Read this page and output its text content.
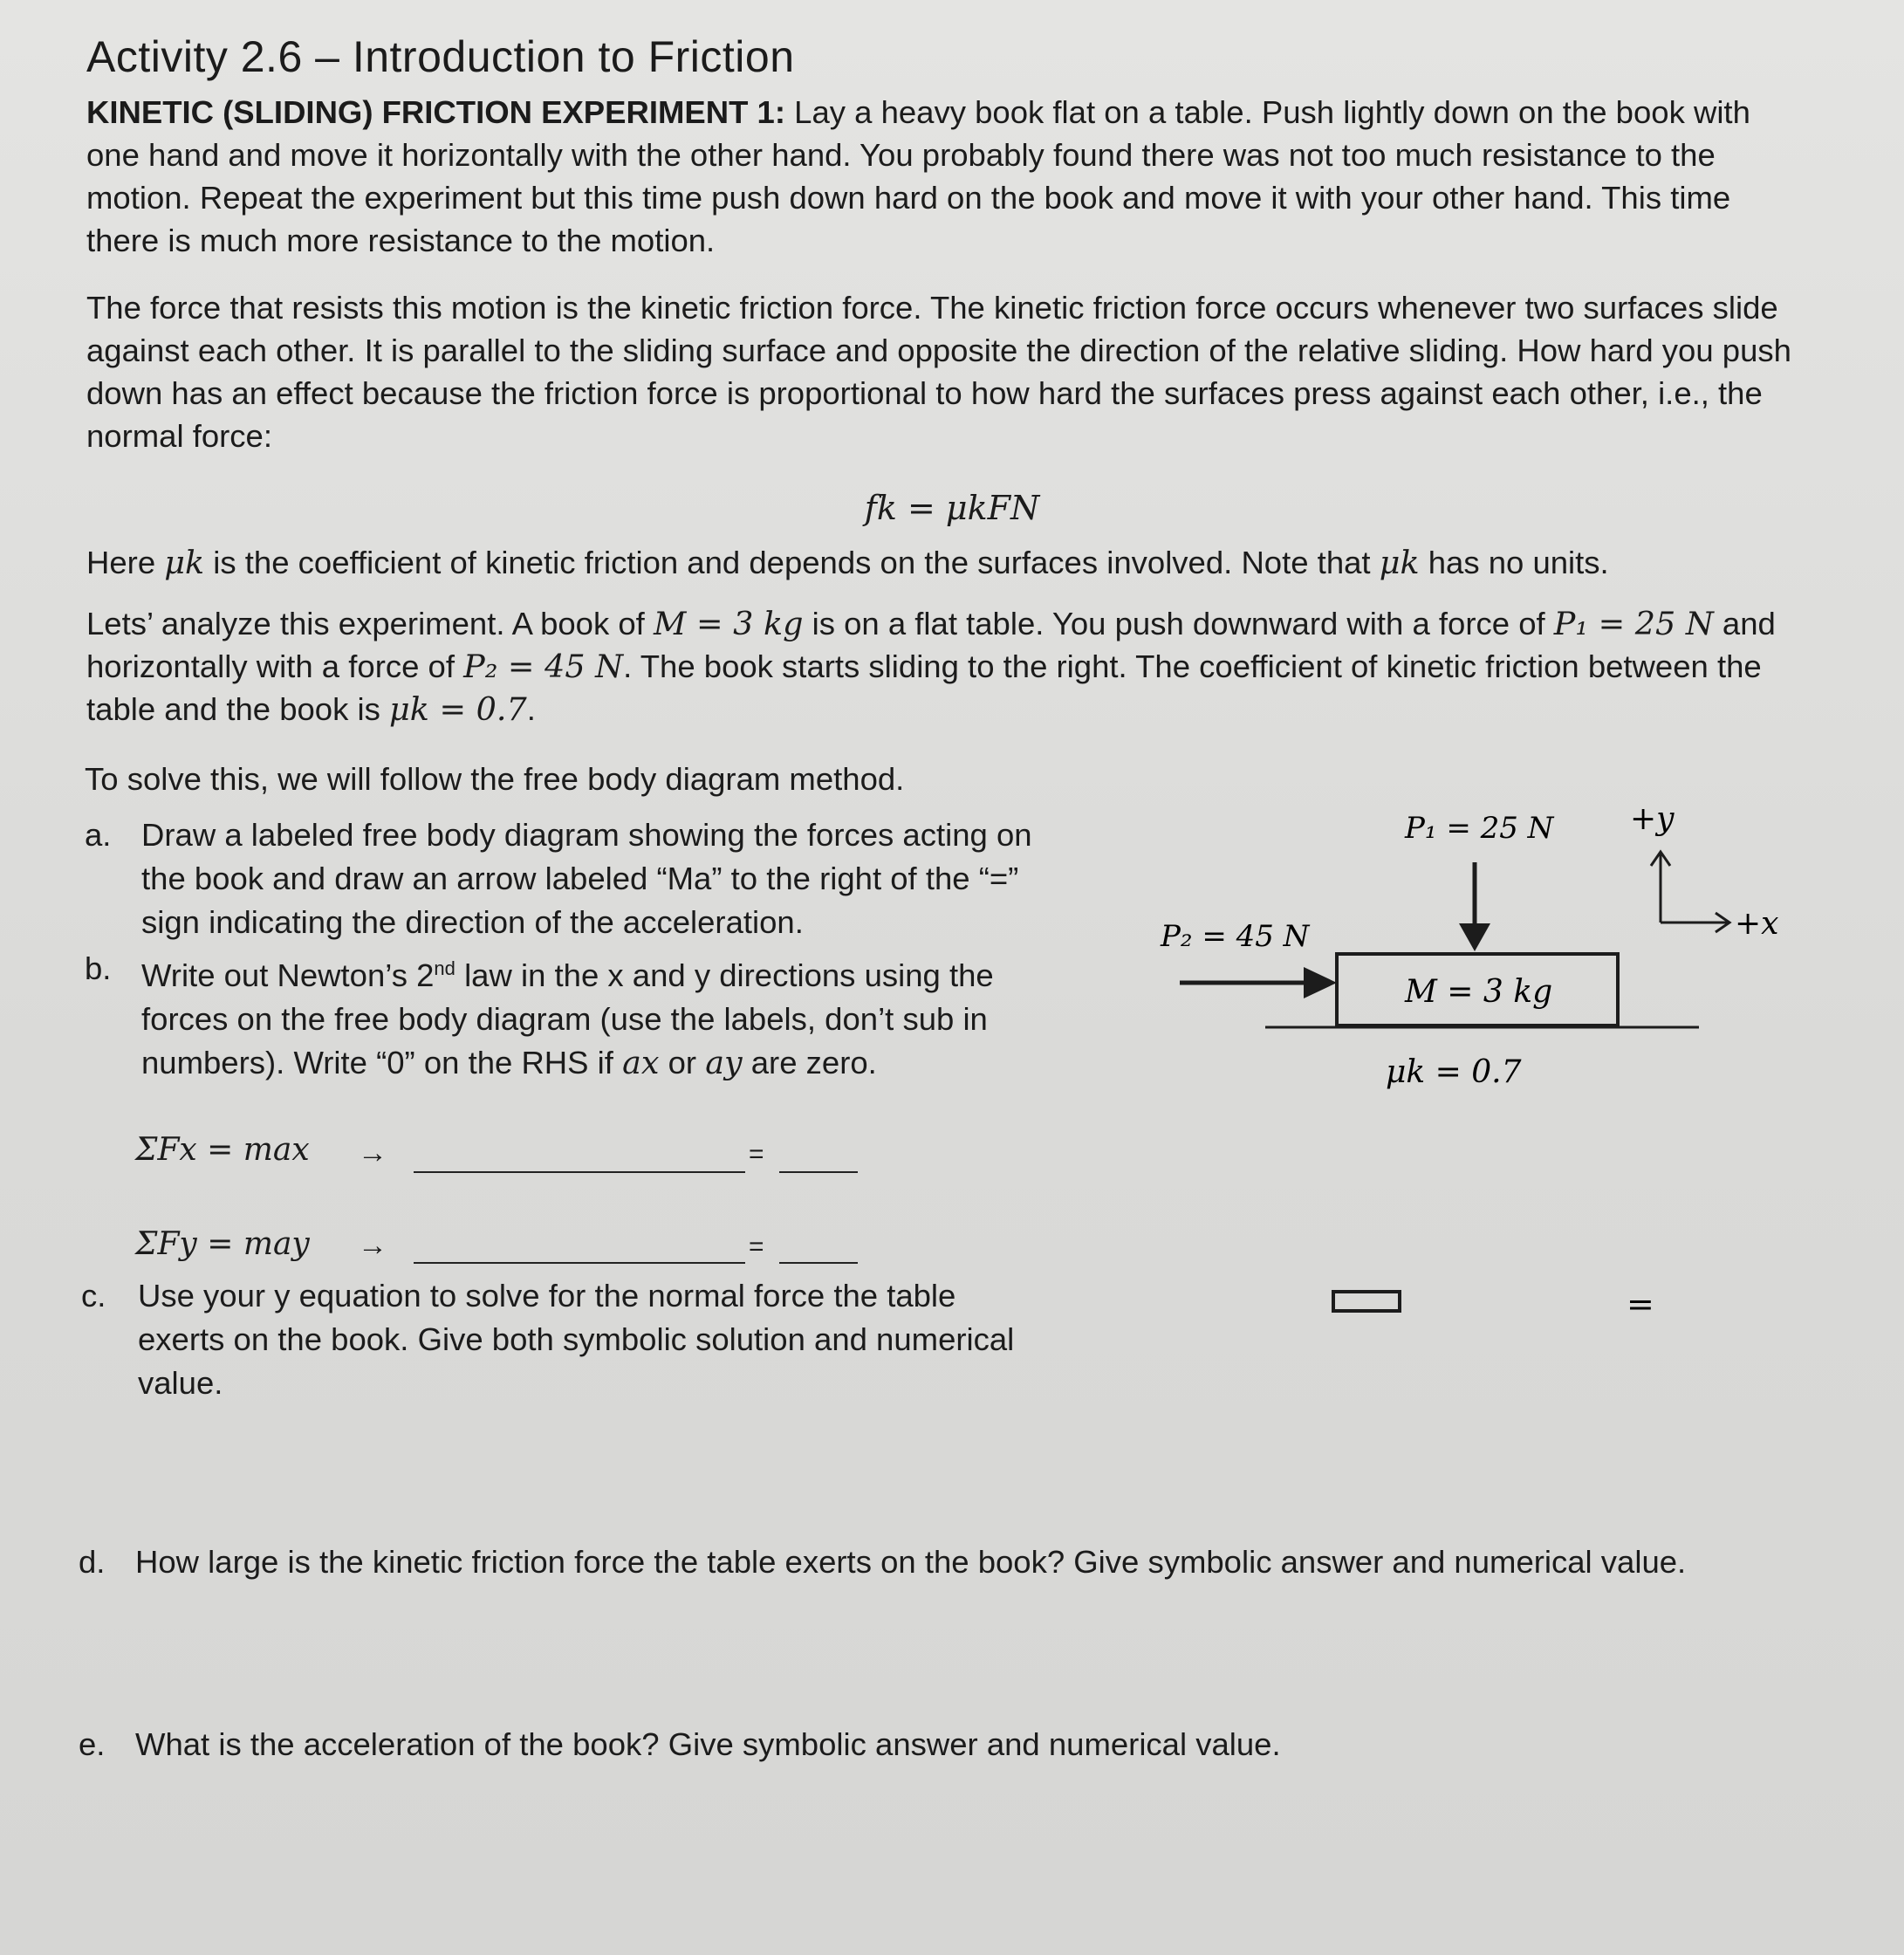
Activity 2.6 – Introduction to Friction
KINETIC (SLIDING) FRICTION EXPERIMENT 1: Lay a heavy book flat on a table. Push lightly down on the book with one hand and move it horizontally with the other hand. You probably found there was not too much resistance to the motion. Repeat the experiment but this time push down hard on the book and move it with your other hand. This time there is much more resistance to the motion.
The force that resists this motion is the kinetic friction force. The kinetic friction force occurs whenever two surfaces slide against each other. It is parallel to the sliding surface and opposite the direction of the relative sliding. How hard you push down has an effect because the friction force is proportional to how hard the surfaces press against each other, i.e., the normal force:
fk = μkFN
Here μk is the coefficient of kinetic friction and depends on the surfaces involved. Note that μk has no units.
Lets’ analyze this experiment. A book of M = 3 kg is on a flat table. You push downward with a force of P₁ = 25 N and horizontally with a force of P₂ = 45 N. The book starts sliding to the right. The coefficient of kinetic friction between the table and the book is μk = 0.7.
To solve this, we will follow the free body diagram method.
a. Draw a labeled free body diagram showing the forces acting on the book and draw an arrow labeled “Ma” to the right of the “=” sign indicating the direction of the acceleration.
b. Write out Newton’s 2nd law in the x and y directions using the forces on the free body diagram (use the labels, don’t sub in numbers). Write “0” on the RHS if ax or ay are zero.
ΣFx = max →	=
ΣFy = may →	=
c. Use your y equation to solve for the normal force the table exerts on the book. Give both symbolic solution and numerical value.
d. How large is the kinetic friction force the table exerts on the book? Give symbolic answer and numerical value.
e. What is the acceleration of the book? Give symbolic answer and numerical value.
P₁ = 25 N +y
+x
P₂ = 45 N
M = 3 kg
μk = 0.7
=
